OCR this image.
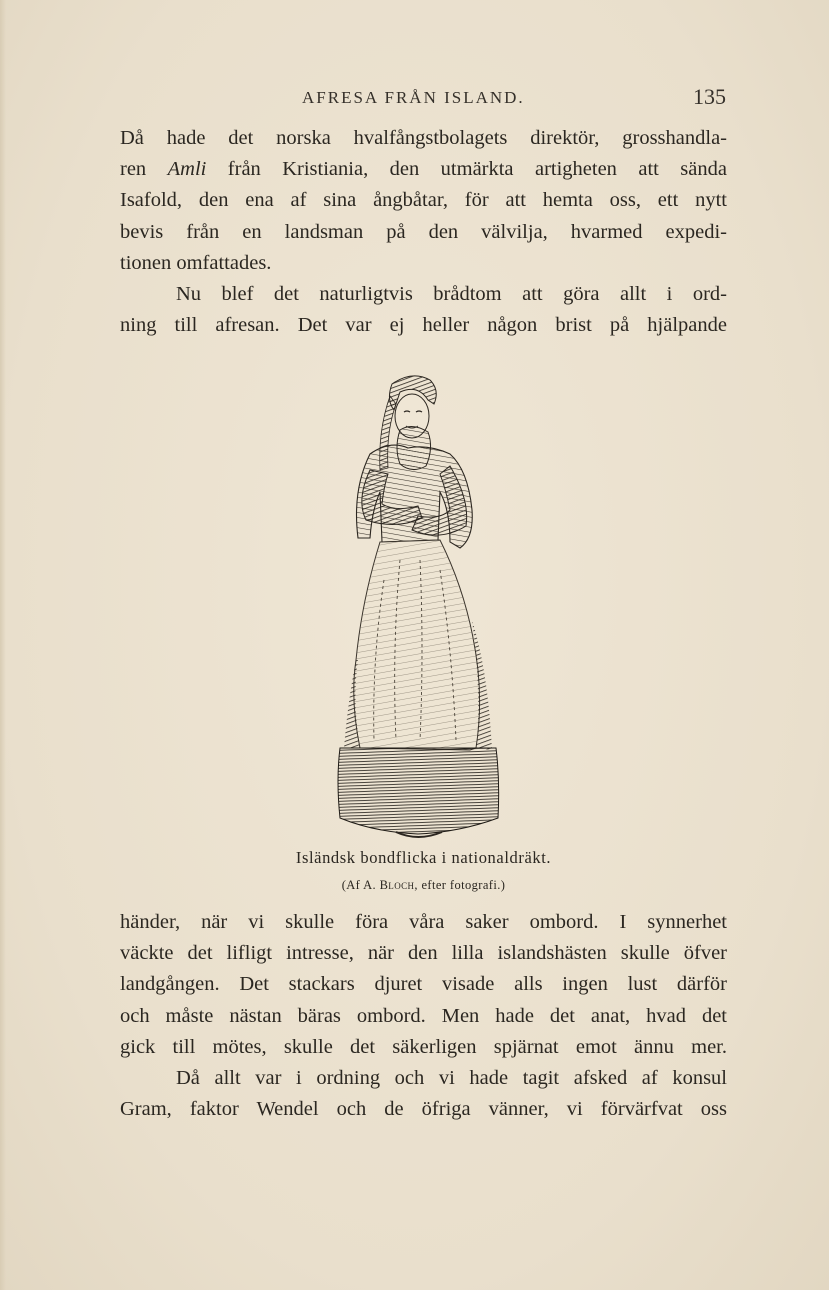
AFRESA FRÅN ISLAND.	135
Då hade det norska hvalfångstbolagets direktör, grosshandla-
ren Amli från Kristiania, den utmärkta artigheten att sända
Isafold, den ena af sina ångbåtar, för att hemta oss, ett nytt
bevis från en landsman på den välvilja, hvarmed expedi-
tionen omfattades.
Nu blef det naturligtvis brådtom att göra allt i ord-
ning till afresan. Det var ej heller någon brist på hjälpande
Isländsk bondflicka i nationaldräkt.
(Af A. Bloch, efter fotografi.)
händer, när vi skulle föra våra saker ombord. I synnerhet
väckte det lifligt intresse, när den lilla islandshästen skulle öfver
landgången. Det stackars djuret visade alls ingen lust därför
och måste nästan bäras ombord. Men hade det anat, hvad det
gick till mötes, skulle det säkerligen spjärnat emot ännu mer.
Då allt var i ordning och vi hade tagit afsked af konsul
Gram, faktor Wendel och de öfriga vänner, vi förvärfvat oss
